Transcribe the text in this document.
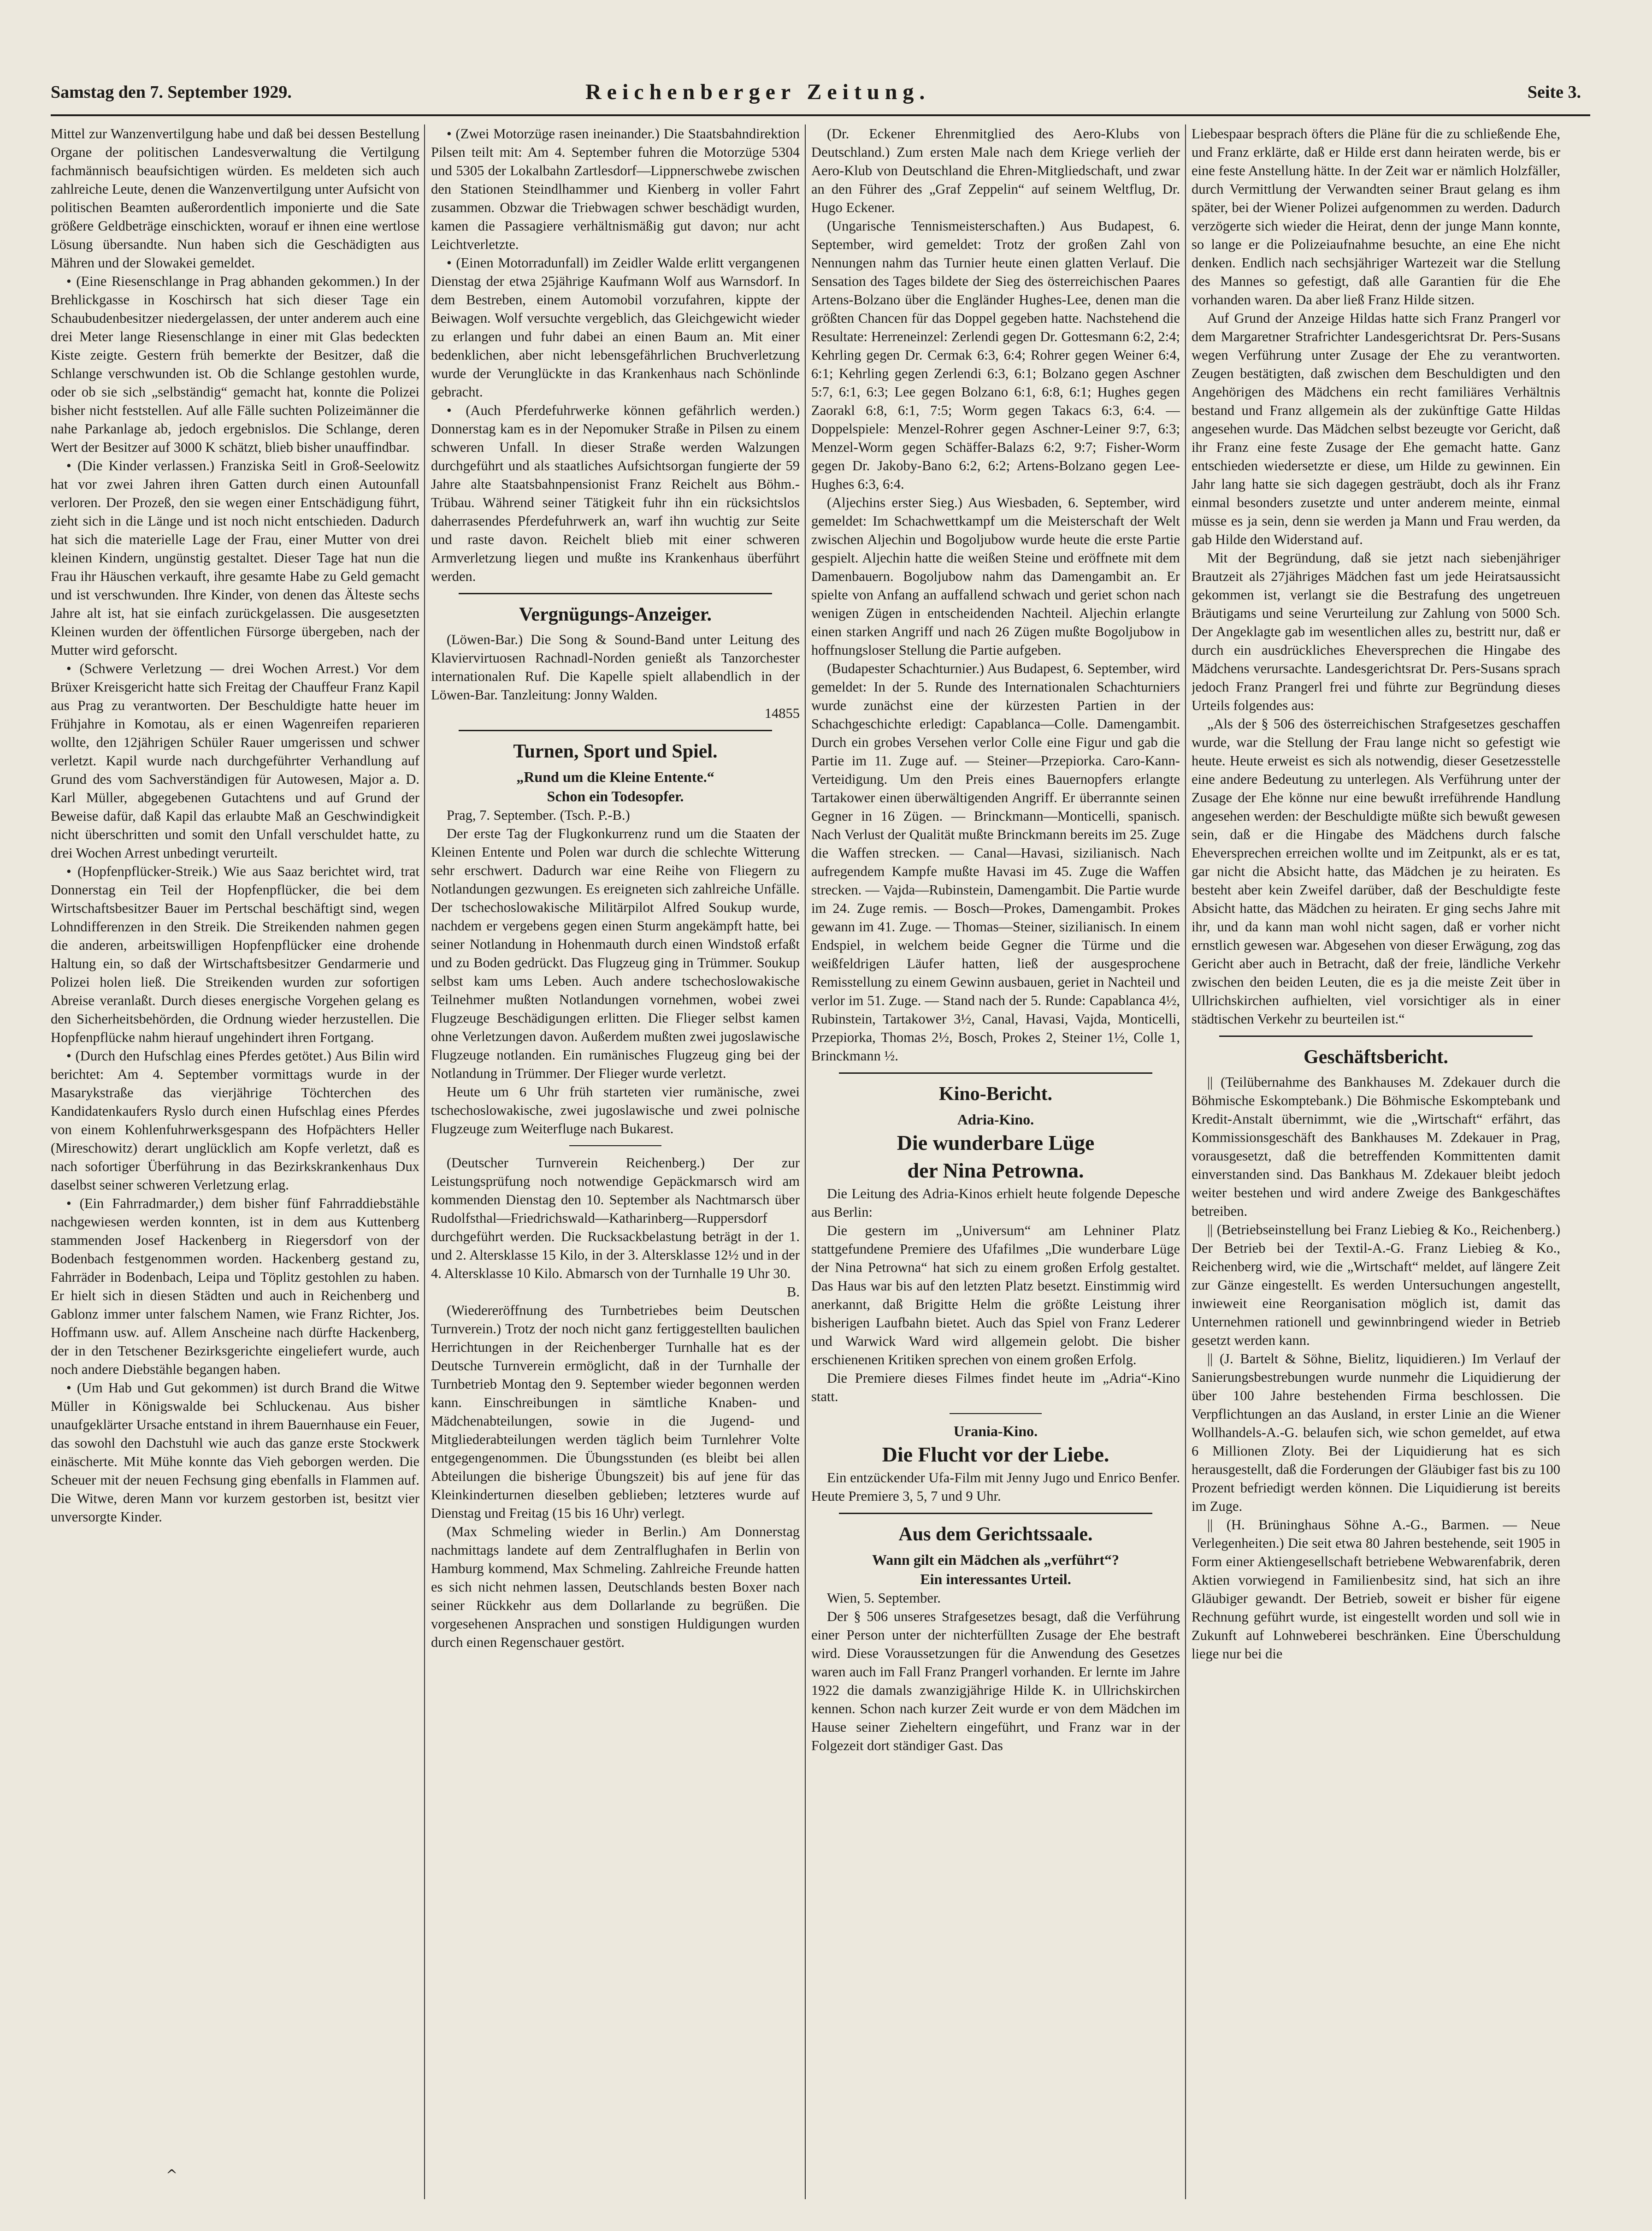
Samstag den 7. September 1929.	Reichenberger Zeitung.	Seite 3.

Mittel zur Wanzenvertilgung habe und daß bei dessen Bestellung Organe der politischen Landesverwaltung die Vertilgung fachmännisch beaufsichtigen würden. Es meldeten sich auch zahlreiche Leute, denen die Wanzenvertilgung unter Aufsicht von politischen Beamten außerordentlich imponierte und die Sate größere Geldbeträge einschickten, worauf er ihnen eine wertlose Lösung übersandte. Nun haben sich die Geschädigten aus Mähren und der Slowakei gemeldet.

• (Eine Riesenschlange in Prag abhanden gekommen.) In der Brehlickgasse in Koschirsch hat sich dieser Tage ein Schaubudenbesitzer niedergelassen, der unter anderem auch eine drei Meter lange Riesenschlange in einer mit Glas bedeckten Kiste zeigte. Gestern früh bemerkte der Besitzer, daß die Schlange verschwunden ist. Ob die Schlange gestohlen wurde, oder ob sie sich „selbständig“ gemacht hat, konnte die Polizei bisher nicht feststellen. Auf alle Fälle suchten Polizeimänner die nahe Parkanlage ab, jedoch ergebnislos. Die Schlange, deren Wert der Besitzer auf 3000 K schätzt, blieb bisher unauffindbar.

• (Die Kinder verlassen.) Franziska Seitl in Groß-Seelowitz hat vor zwei Jahren ihren Gatten durch einen Autounfall verloren. Der Prozeß, den sie wegen einer Entschädigung führt, zieht sich in die Länge und ist noch nicht entschieden. Dadurch hat sich die materielle Lage der Frau, einer Mutter von drei kleinen Kindern, ungünstig gestaltet. Dieser Tage hat nun die Frau ihr Häuschen verkauft, ihre gesamte Habe zu Geld gemacht und ist verschwunden. Ihre Kinder, von denen das Älteste sechs Jahre alt ist, hat sie einfach zurückgelassen. Die ausgesetzten Kleinen wurden der öffentlichen Fürsorge übergeben, nach der Mutter wird geforscht.

• (Schwere Verletzung — drei Wochen Arrest.) Vor dem Brüxer Kreisgericht hatte sich Freitag der Chauffeur Franz Kapil aus Prag zu verantworten. Der Beschuldigte hatte heuer im Frühjahre in Komotau, als er einen Wagenreifen reparieren wollte, den 12jährigen Schüler Rauer umgerissen und schwer verletzt. Kapil wurde nach durchgeführter Verhandlung auf Grund des vom Sachverständigen für Autowesen, Major a. D. Karl Müller, abgegebenen Gutachtens und auf Grund der Beweise dafür, daß Kapil das erlaubte Maß an Geschwindigkeit nicht überschritten und somit den Unfall verschuldet hatte, zu drei Wochen Arrest unbedingt verurteilt.

• (Hopfenpflücker-Streik.) Wie aus Saaz berichtet wird, trat Donnerstag ein Teil der Hopfenpflücker, die bei dem Wirtschaftsbesitzer Bauer im Pertschal beschäftigt sind, wegen Lohndifferenzen in den Streik. Die Streikenden nahmen gegen die anderen, arbeitswilligen Hopfenpflücker eine drohende Haltung ein, so daß der Wirtschaftsbesitzer Gendarmerie und Polizei holen ließ. Die Streikenden wurden zur sofortigen Abreise veranlaßt. Durch dieses energische Vorgehen gelang es den Sicherheitsbehörden, die Ordnung wieder herzustellen. Die Hopfenpflücke nahm hierauf ungehindert ihren Fortgang.

• (Durch den Hufschlag eines Pferdes getötet.) Aus Bilin wird berichtet: Am 4. September vormittags wurde in der Masarykstraße das vierjährige Töchterchen des Kandidatenkaufers Ryslo durch einen Hufschlag eines Pferdes von einem Kohlenfuhrwerksgespann des Hofpächters Heller (Mireschowitz) derart unglücklich am Kopfe verletzt, daß es nach sofortiger Überführung in das Bezirkskrankenhaus Dux daselbst seiner schweren Verletzung erlag.

• (Ein Fahrradmarder,) dem bisher fünf Fahrraddiebstähle nachgewiesen werden konnten, ist in dem aus Kuttenberg stammenden Josef Hackenberg in Riegersdorf von der Bodenbach festgenommen worden. Hackenberg gestand zu, Fahrräder in Bodenbach, Leipa und Töplitz gestohlen zu haben. Er hielt sich in diesen Städten und auch in Reichenberg und Gablonz immer unter falschem Namen, wie Franz Richter, Jos. Hoffmann usw. auf. Allem Anscheine nach dürfte Hackenberg, der in den Tetschener Bezirksgerichte eingeliefert wurde, auch noch andere Diebstähle begangen haben.

• (Um Hab und Gut gekommen) ist durch Brand die Witwe Müller in Königswalde bei Schluckenau. Aus bisher unaufgeklärter Ursache entstand in ihrem Bauernhause ein Feuer, das sowohl den Dachstuhl wie auch das ganze erste Stockwerk einäscherte. Mit Mühe konnte das Vieh geborgen werden. Die Scheuer mit der neuen Fechsung ging ebenfalls in Flammen auf. Die Witwe, deren Mann vor kurzem gestorben ist, besitzt vier unversorgte Kinder.

• (Zwei Motorzüge rasen ineinander.) Die Staatsbahndirektion Pilsen teilt mit: Am 4. September fuhren die Motorzüge 5304 und 5305 der Lokalbahn Zartlesdorf—Lippnerschwebe zwischen den Stationen Steindlhammer und Kienberg in voller Fahrt zusammen. Obzwar die Triebwagen schwer beschädigt wurden, kamen die Passagiere verhältnismäßig gut davon; nur acht Leichtverletzte.

• (Einen Motorradunfall) im Zeidler Walde erlitt vergangenen Dienstag der etwa 25jährige Kaufmann Wolf aus Warnsdorf. In dem Bestreben, einem Automobil vorzufahren, kippte der Beiwagen. Wolf versuchte vergeblich, das Gleichgewicht wieder zu erlangen und fuhr dabei an einen Baum an. Mit einer bedenklichen, aber nicht lebensgefährlichen Bruchverletzung wurde der Verunglückte in das Krankenhaus nach Schönlinde gebracht.

• (Auch Pferdefuhrwerke können gefährlich werden.) Donnerstag kam es in der Nepomuker Straße in Pilsen zu einem schweren Unfall. In dieser Straße werden Walzungen durchgeführt und als staatliches Aufsichtsorgan fungierte der 59 Jahre alte Staatsbahnpensionist Franz Reichelt aus Böhm.-Trübau. Während seiner Tätigkeit fuhr ihn ein rücksichtslos daherrasendes Pferdefuhrwerk an, warf ihn wuchtig zur Seite und raste davon. Reichelt blieb mit einer schweren Armverletzung liegen und mußte ins Krankenhaus überführt werden.

Vergnügungs-Anzeiger.

(Löwen-Bar.) Die Song & Sound-Band unter Leitung des Klaviervirtuosen Rachnadl-Norden genießt als Tanzorchester internationalen Ruf. Die Kapelle spielt allabendlich in der Löwen-Bar. Tanzleitung: Jonny Walden.

14855

Turnen, Sport und Spiel.
„Rund um die Kleine Entente.“
Schon ein Todesopfer.

Prag, 7. September. (Tsch. P.-B.)

Der erste Tag der Flugkonkurrenz rund um die Staaten der Kleinen Entente und Polen war durch die schlechte Witterung sehr erschwert. Dadurch war eine Reihe von Fliegern zu Notlandungen gezwungen. Es ereigneten sich zahlreiche Unfälle. Der tschechoslowakische Militärpilot Alfred Soukup wurde, nachdem er vergebens gegen einen Sturm angekämpft hatte, bei seiner Notlandung in Hohenmauth durch einen Windstoß erfaßt und zu Boden gedrückt. Das Flugzeug ging in Trümmer. Soukup selbst kam ums Leben. Auch andere tschechoslowakische Teilnehmer mußten Notlandungen vornehmen, wobei zwei Flugzeuge Beschädigungen erlitten. Die Flieger selbst kamen ohne Verletzungen davon. Außerdem mußten zwei jugoslawische Flugzeuge notlanden. Ein rumänisches Flugzeug ging bei der Notlandung in Trümmer. Der Flieger wurde verletzt.

Heute um 6 Uhr früh starteten vier rumänische, zwei tschechoslowakische, zwei jugoslawische und zwei polnische Flugzeuge zum Weiterfluge nach Bukarest.

(Deutscher Turnverein Reichenberg.) Der zur Leistungsprüfung noch notwendige Gepäckmarsch wird am kommenden Dienstag den 10. September als Nachtmarsch über Rudolfsthal—Friedrichswald—Katharinberg—Ruppersdorf durchgeführt werden. Die Rucksackbelastung beträgt in der 1. und 2. Altersklasse 15 Kilo, in der 3. Altersklasse 12½ und in der 4. Altersklasse 10 Kilo. Abmarsch von der Turnhalle 19 Uhr 30.

B.

(Wiedereröffnung des Turnbetriebes beim Deutschen Turnverein.) Trotz der noch nicht ganz fertiggestellten baulichen Herrichtungen in der Reichenberger Turnhalle hat es der Deutsche Turnverein ermöglicht, daß in der Turnhalle der Turnbetrieb Montag den 9. September wieder begonnen werden kann. Einschreibungen in sämtliche Knaben- und Mädchenabteilungen, sowie in die Jugend- und Mitgliederabteilungen werden täglich beim Turnlehrer Volte entgegengenommen. Die Übungsstunden (es bleibt bei allen Abteilungen die bisherige Übungszeit) bis auf jene für das Kleinkinderturnen dieselben geblieben; letzteres wurde auf Dienstag und Freitag (15 bis 16 Uhr) verlegt.

(Max Schmeling wieder in Berlin.) Am Donnerstag nachmittags landete auf dem Zentralflughafen in Berlin von Hamburg kommend, Max Schmeling. Zahlreiche Freunde hatten es sich nicht nehmen lassen, Deutschlands besten Boxer nach seiner Rückkehr aus dem Dollarlande zu begrüßen. Die vorgesehenen Ansprachen und sonstigen Huldigungen wurden durch einen Regenschauer gestört.

(Dr. Eckener Ehrenmitglied des Aero-Klubs von Deutschland.) Zum ersten Male nach dem Kriege verlieh der Aero-Klub von Deutschland die Ehren-Mitgliedschaft, und zwar an den Führer des „Graf Zeppelin“ auf seinem Weltflug, Dr. Hugo Eckener.

(Ungarische Tennismeisterschaften.) Aus Budapest, 6. September, wird gemeldet: Trotz der großen Zahl von Nennungen nahm das Turnier heute einen glatten Verlauf. Die Sensation des Tages bildete der Sieg des österreichischen Paares Artens-Bolzano über die Engländer Hughes-Lee, denen man die größten Chancen für das Doppel gegeben hatte. Nachstehend die Resultate: Herreneinzel: Zerlendi gegen Dr. Gottesmann 6:2, 2:4; Kehrling gegen Dr. Cermak 6:3, 6:4; Rohrer gegen Weiner 6:4, 6:1; Kehrling gegen Zerlendi 6:3, 6:1; Bolzano gegen Aschner 5:7, 6:1, 6:3; Lee gegen Bolzano 6:1, 6:8, 6:1; Hughes gegen Zaorakl 6:8, 6:1, 7:5; Worm gegen Takacs 6:3, 6:4. — Doppelspiele: Menzel-Rohrer gegen Aschner-Leiner 9:7, 6:3; Menzel-Worm gegen Schäffer-Balazs 6:2, 9:7; Fisher-Worm gegen Dr. Jakoby-Bano 6:2, 6:2; Artens-Bolzano gegen Lee-Hughes 6:3, 6:4.

(Aljechins erster Sieg.) Aus Wiesbaden, 6. September, wird gemeldet: Im Schachwettkampf um die Meisterschaft der Welt zwischen Aljechin und Bogoljubow wurde heute die erste Partie gespielt. Aljechin hatte die weißen Steine und eröffnete mit dem Damenbauern. Bogoljubow nahm das Damengambit an. Er spielte von Anfang an auffallend schwach und geriet schon nach wenigen Zügen in entscheidenden Nachteil. Aljechin erlangte einen starken Angriff und nach 26 Zügen mußte Bogoljubow in hoffnungsloser Stellung die Partie aufgeben.

(Budapester Schachturnier.) Aus Budapest, 6. September, wird gemeldet: In der 5. Runde des Internationalen Schachturniers wurde zunächst eine der kürzesten Partien in der Schachgeschichte erledigt: Capablanca—Colle. Damengambit. Durch ein grobes Versehen verlor Colle eine Figur und gab die Partie im 11. Zuge auf. — Steiner—Przepiorka. Caro-Kann-Verteidigung. Um den Preis eines Bauernopfers erlangte Tartakower einen überwältigenden Angriff. Er überrannte seinen Gegner in 16 Zügen. — Brinckmann—Monticelli, spanisch. Nach Verlust der Qualität mußte Brinckmann bereits im 25. Zuge die Waffen strecken. — Canal—Havasi, sizilianisch. Nach aufregendem Kampfe mußte Havasi im 45. Zuge die Waffen strecken. — Vajda—Rubinstein, Damengambit. Die Partie wurde im 24. Zuge remis. — Bosch—Prokes, Damengambit. Prokes gewann im 41. Zuge. — Thomas—Steiner, sizilianisch. In einem Endspiel, in welchem beide Gegner die Türme und die weißfeldrigen Läufer hatten, ließ der ausgesprochene Remisstellung zu einem Gewinn ausbauen, geriet in Nachteil und verlor im 51. Zuge. — Stand nach der 5. Runde: Capablanca 4½, Rubinstein, Tartakower 3½, Canal, Havasi, Vajda, Monticelli, Przepiorka, Thomas 2½, Bosch, Prokes 2, Steiner 1½, Colle 1, Brinckmann ½.

Kino-Bericht.
Adria-Kino.
Die wunderbare Lüge
der Nina Petrowna.

Die Leitung des Adria-Kinos erhielt heute folgende Depesche aus Berlin:

Die gestern im „Universum“ am Lehniner Platz stattgefundene Premiere des Ufafilmes „Die wunderbare Lüge der Nina Petrowna“ hat sich zu einem großen Erfolg gestaltet. Das Haus war bis auf den letzten Platz besetzt. Einstimmig wird anerkannt, daß Brigitte Helm die größte Leistung ihrer bisherigen Laufbahn bietet. Auch das Spiel von Franz Lederer und Warwick Ward wird allgemein gelobt. Die bisher erschienenen Kritiken sprechen von einem großen Erfolg.

Die Premiere dieses Filmes findet heute im „Adria“-Kino statt.

Urania-Kino.
Die Flucht vor der Liebe.

Ein entzückender Ufa-Film mit Jenny Jugo und Enrico Benfer. Heute Premiere 3, 5, 7 und 9 Uhr.

Aus dem Gerichtssaale.
Wann gilt ein Mädchen als „verführt“?
Ein interessantes Urteil.

Wien, 5. September.

Der § 506 unseres Strafgesetzes besagt, daß die Verführung einer Person unter der nichterfüllten Zusage der Ehe bestraft wird. Diese Voraussetzungen für die Anwendung des Gesetzes waren auch im Fall Franz Prangerl vorhanden. Er lernte im Jahre 1922 die damals zwanzigjährige Hilde K. in Ullrichskirchen kennen. Schon nach kurzer Zeit wurde er von dem Mädchen im Hause seiner Zieheltern eingeführt, und Franz war in der Folgezeit dort ständiger Gast. Das

Liebespaar besprach öfters die Pläne für die zu schließende Ehe, und Franz erklärte, daß er Hilde erst dann heiraten werde, bis er eine feste Anstellung hätte. In der Zeit war er nämlich Holzfäller, durch Vermittlung der Verwandten seiner Braut gelang es ihm später, bei der Wiener Polizei aufgenommen zu werden. Dadurch verzögerte sich wieder die Heirat, denn der junge Mann konnte, so lange er die Polizeiaufnahme besuchte, an eine Ehe nicht denken. Endlich nach sechsjähriger Wartezeit war die Stellung des Mannes so gefestigt, daß alle Garantien für die Ehe vorhanden waren. Da aber ließ Franz Hilde sitzen.

Auf Grund der Anzeige Hildas hatte sich Franz Prangerl vor dem Margaretner Strafrichter Landesgerichtsrat Dr. Pers-Susans wegen Verführung unter Zusage der Ehe zu verantworten. Zeugen bestätigten, daß zwischen dem Beschuldigten und den Angehörigen des Mädchens ein recht familiäres Verhältnis bestand und Franz allgemein als der zukünftige Gatte Hildas angesehen wurde. Das Mädchen selbst bezeugte vor Gericht, daß ihr Franz eine feste Zusage der Ehe gemacht hatte. Ganz entschieden wiedersetzte er diese, um Hilde zu gewinnen. Ein Jahr lang hatte sie sich dagegen gesträubt, doch als ihr Franz einmal besonders zusetzte und unter anderem meinte, einmal müsse es ja sein, denn sie werden ja Mann und Frau werden, da gab Hilde den Widerstand auf.

Mit der Begründung, daß sie jetzt nach siebenjähriger Brautzeit als 27jähriges Mädchen fast um jede Heiratsaussicht gekommen ist, verlangt sie die Bestrafung des ungetreuen Bräutigams und seine Verurteilung zur Zahlung von 5000 Sch. Der Angeklagte gab im wesentlichen alles zu, bestritt nur, daß er durch ein ausdrückliches Eheversprechen die Hingabe des Mädchens verursachte. Landesgerichtsrat Dr. Pers-Susans sprach jedoch Franz Prangerl frei und führte zur Begründung dieses Urteils folgendes aus:

„Als der § 506 des österreichischen Strafgesetzes geschaffen wurde, war die Stellung der Frau lange nicht so gefestigt wie heute. Heute erweist es sich als notwendig, dieser Gesetzesstelle eine andere Bedeutung zu unterlegen. Als Verführung unter der Zusage der Ehe könne nur eine bewußt irreführende Handlung angesehen werden: der Beschuldigte müßte sich bewußt gewesen sein, daß er die Hingabe des Mädchens durch falsche Eheversprechen erreichen wollte und im Zeitpunkt, als er es tat, gar nicht die Absicht hatte, das Mädchen je zu heiraten. Es besteht aber kein Zweifel darüber, daß der Beschuldigte feste Absicht hatte, das Mädchen zu heiraten. Er ging sechs Jahre mit ihr, und da kann man wohl nicht sagen, daß er vorher nicht ernstlich gewesen war. Abgesehen von dieser Erwägung, zog das Gericht aber auch in Betracht, daß der freie, ländliche Verkehr zwischen den beiden Leuten, die es ja die meiste Zeit über in Ullrichskirchen aufhielten, viel vorsichtiger als in einer städtischen Verkehr zu beurteilen ist.“

Geschäftsbericht.

|| (Teilübernahme des Bankhauses M. Zdekauer durch die Böhmische Eskomptebank.) Die Böhmische Eskomptebank und Kredit-Anstalt übernimmt, wie die „Wirtschaft“ erfährt, das Kommissionsgeschäft des Bankhauses M. Zdekauer in Prag, vorausgesetzt, daß die betreffenden Kommittenten damit einverstanden sind. Das Bankhaus M. Zdekauer bleibt jedoch weiter bestehen und wird andere Zweige des Bankgeschäftes betreiben.

|| (Betriebseinstellung bei Franz Liebieg & Ko., Reichenberg.) Der Betrieb bei der Textil-A.-G. Franz Liebieg & Ko., Reichenberg wird, wie die „Wirtschaft“ meldet, auf längere Zeit zur Gänze eingestellt. Es werden Untersuchungen angestellt, inwieweit eine Reorganisation möglich ist, damit das Unternehmen rationell und gewinnbringend wieder in Betrieb gesetzt werden kann.

|| (J. Bartelt & Söhne, Bielitz, liquidieren.) Im Verlauf der Sanierungsbestrebungen wurde nunmehr die Liquidierung der über 100 Jahre bestehenden Firma beschlossen. Die Verpflichtungen an das Ausland, in erster Linie an die Wiener Wollhandels-A.-G. belaufen sich, wie schon gemeldet, auf etwa 6 Millionen Zloty. Bei der Liquidierung hat es sich herausgestellt, daß die Forderungen der Gläubiger fast bis zu 100 Prozent befriedigt werden können. Die Liquidierung ist bereits im Zuge.

|| (H. Brüninghaus Söhne A.-G., Barmen. — Neue Verlegenheiten.) Die seit etwa 80 Jahren bestehende, seit 1905 in Form einer Aktiengesellschaft betriebene Webwarenfabrik, deren Aktien vorwiegend in Familienbesitz sind, hat sich an ihre Gläubiger gewandt. Der Betrieb, soweit er bisher für eigene Rechnung geführt wurde, ist eingestellt worden und soll wie in Zukunft auf Lohnweberei beschränken. Eine Überschuldung liege nur bei die

^
